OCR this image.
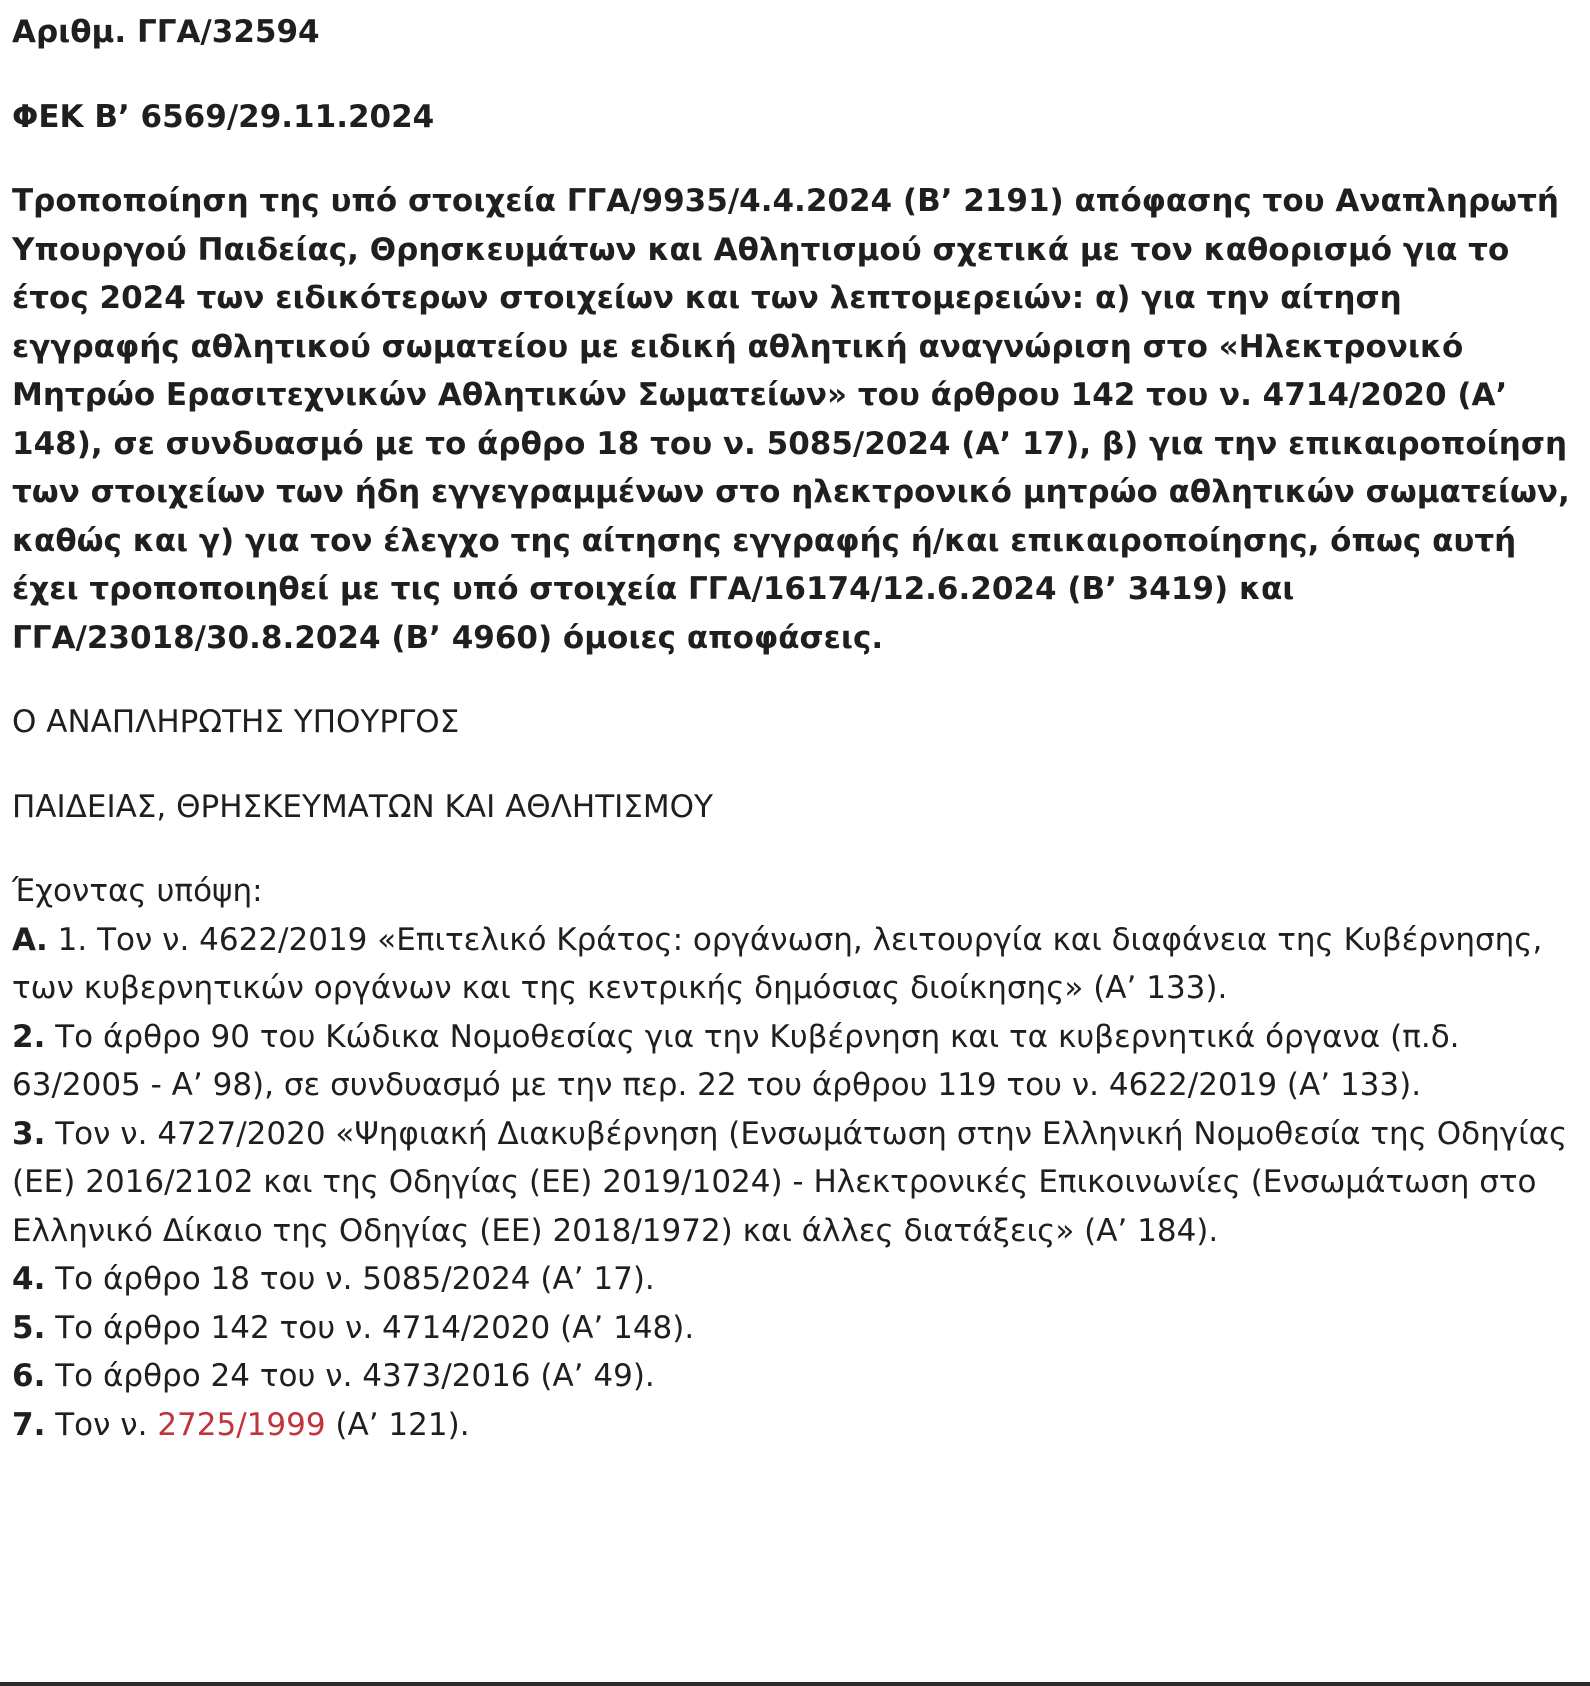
Αριθμ. ΓΓΑ/32594

ΦΕΚ Β’ 6569/29.11.2024

Τροποποίηση της υπό στοιχεία ΓΓΑ/9935/4.4.2024 (Β’ 2191) απόφασης του Αναπληρωτή Υπουργού Παιδείας, Θρησκευμάτων και Αθλητισμού σχετικά με τον καθορισμό για το έτος 2024 των ειδικότερων στοιχείων και των λεπτομερειών: α) για την αίτηση εγγραφής αθλητικού σωματείου με ειδική αθλητική αναγνώριση στο «Ηλεκτρονικό Μητρώο Ερασιτεχνικών Αθλητικών Σωματείων» του άρθρου 142 του ν. 4714/2020 (Α’ 148), σε συνδυασμό με το άρθρο 18 του ν. 5085/2024 (Α’ 17), β) για την επικαιροποίηση των στοιχείων των ήδη εγγεγραμμένων στο ηλεκτρονικό μητρώο αθλητικών σωματείων, καθώς και γ) για τον έλεγχο της αίτησης εγγραφής ή/και επικαιροποίησης, όπως αυτή έχει τροποποιηθεί με τις υπό στοιχεία ΓΓΑ/16174/12.6.2024 (Β’ 3419) και ΓΓΑ/23018/30.8.2024 (Β’ 4960) όμοιες αποφάσεις.

Ο ΑΝΑΠΛΗΡΩΤΗΣ ΥΠΟΥΡΓΟΣ

ΠΑΙΔΕΙΑΣ, ΘΡΗΣΚΕΥΜΑΤΩΝ ΚΑΙ ΑΘΛΗΤΙΣΜΟΥ

Έχοντας υπόψη:

Α. 1. Τον ν. 4622/2019 «Επιτελικό Κράτος: οργάνωση, λειτουργία και διαφάνεια της Κυβέρνησης, των κυβερνητικών οργάνων και της κεντρικής δημόσιας διοίκησης» (Α’ 133).

2. Το άρθρο 90 του Κώδικα Νομοθεσίας για την Κυβέρνηση και τα κυβερνητικά όργανα (π.δ. 63/2005 - Α’ 98), σε συνδυασμό με την περ. 22 του άρθρου 119 του ν. 4622/2019 (Α’ 133).

3. Τον ν. 4727/2020 «Ψηφιακή Διακυβέρνηση (Ενσωμάτωση στην Ελληνική Νομοθεσία της Οδηγίας (ΕΕ) 2016/2102 και της Οδηγίας (ΕΕ) 2019/1024) - Ηλεκτρονικές Επικοινωνίες (Ενσωμάτωση στο Ελληνικό Δίκαιο της Οδηγίας (ΕΕ) 2018/1972) και άλλες διατάξεις» (Α’ 184).

4. Το άρθρο 18 του ν. 5085/2024 (Α’ 17).

5. Το άρθρο 142 του ν. 4714/2020 (Α’ 148).

6. Το άρθρο 24 του ν. 4373/2016 (Α’ 49).

7. Τον ν. 2725/1999 (Α’ 121).
